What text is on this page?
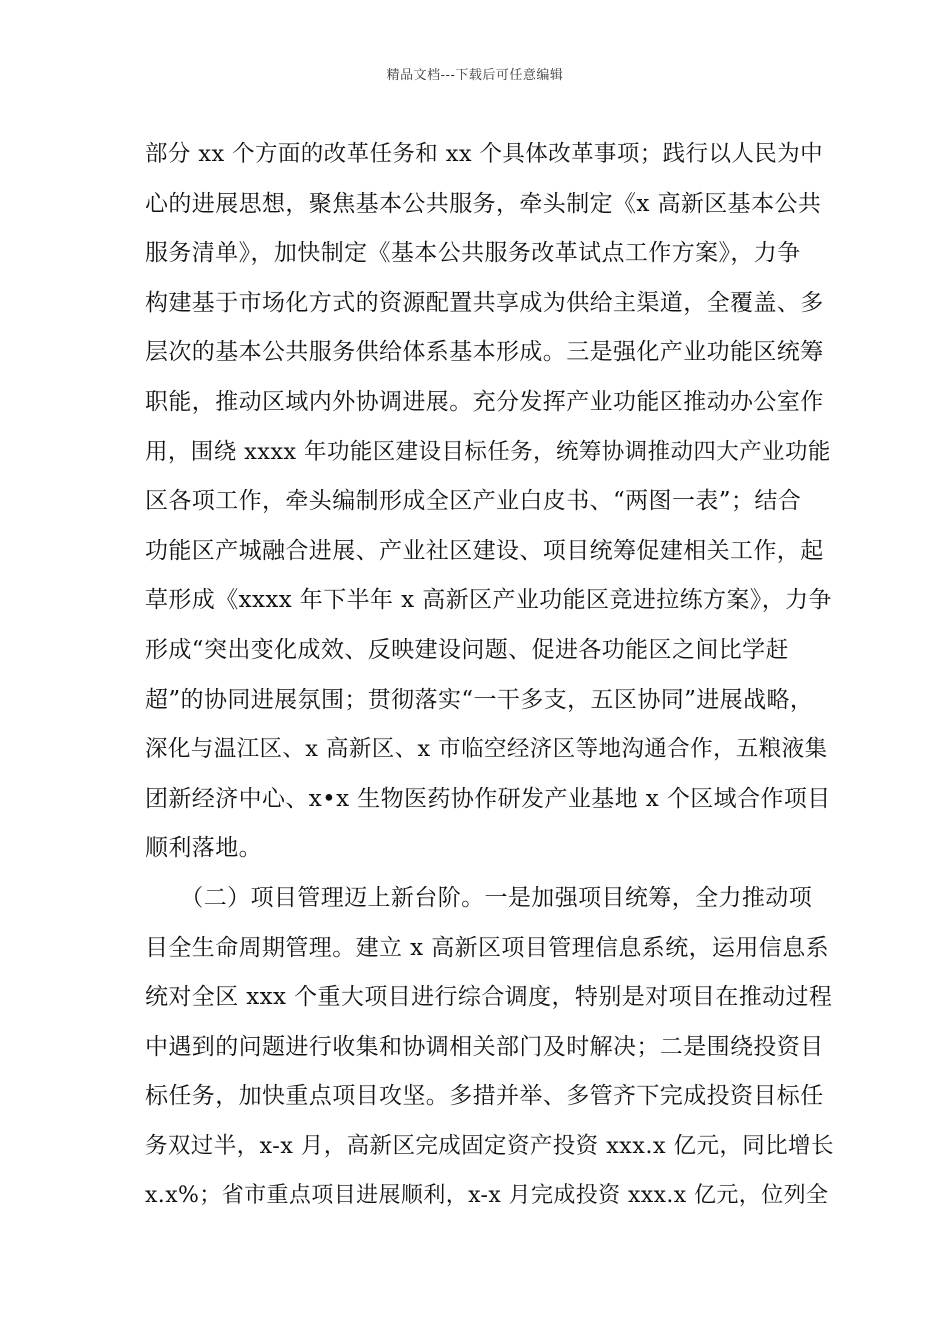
精品文档---下载后可任意编辑
部分 xx 个方面的改革任务和 xx 个具体改革事项；践行以人民为中
心的进展思想，聚焦基本公共服务，牵头制定《x 高新区基本公共
服务清单》，加快制定《基本公共服务改革试点工作方案》，力争
构建基于市场化方式的资源配置共享成为供给主渠道，全覆盖、多
层次的基本公共服务供给体系基本形成。三是强化产业功能区统筹
职能，推动区域内外协调进展。充分发挥产业功能区推动办公室作
用，围绕 xxxx 年功能区建设目标任务，统筹协调推动四大产业功能
区各项工作，牵头编制形成全区产业白皮书、“两图一表”；结合
功能区产城融合进展、产业社区建设、项目统筹促建相关工作，起
草形成《xxxx 年下半年 x 高新区产业功能区竞进拉练方案》，力争
形成“突出变化成效、反映建设问题、促进各功能区之间比学赶
超”的协同进展氛围；贯彻落实“一干多支，五区协同”进展战略，
深化与温江区、x 高新区、x 市临空经济区等地沟通合作，五粮液集
团新经济中心、x•x 生物医药协作研发产业基地 x 个区域合作项目
顺利落地。
　　（二）项目管理迈上新台阶。一是加强项目统筹，全力推动项
目全生命周期管理。建立 x 高新区项目管理信息系统，运用信息系
统对全区 xxx 个重大项目进行综合调度，特别是对项目在推动过程
中遇到的问题进行收集和协调相关部门及时解决；二是围绕投资目
标任务，加快重点项目攻坚。多措并举、多管齐下完成投资目标任
务双过半，x-x 月，高新区完成固定资产投资 xxx.x 亿元，同比增长
x.x%；省市重点项目进展顺利，x-x 月完成投资 xxx.x 亿元，位列全
